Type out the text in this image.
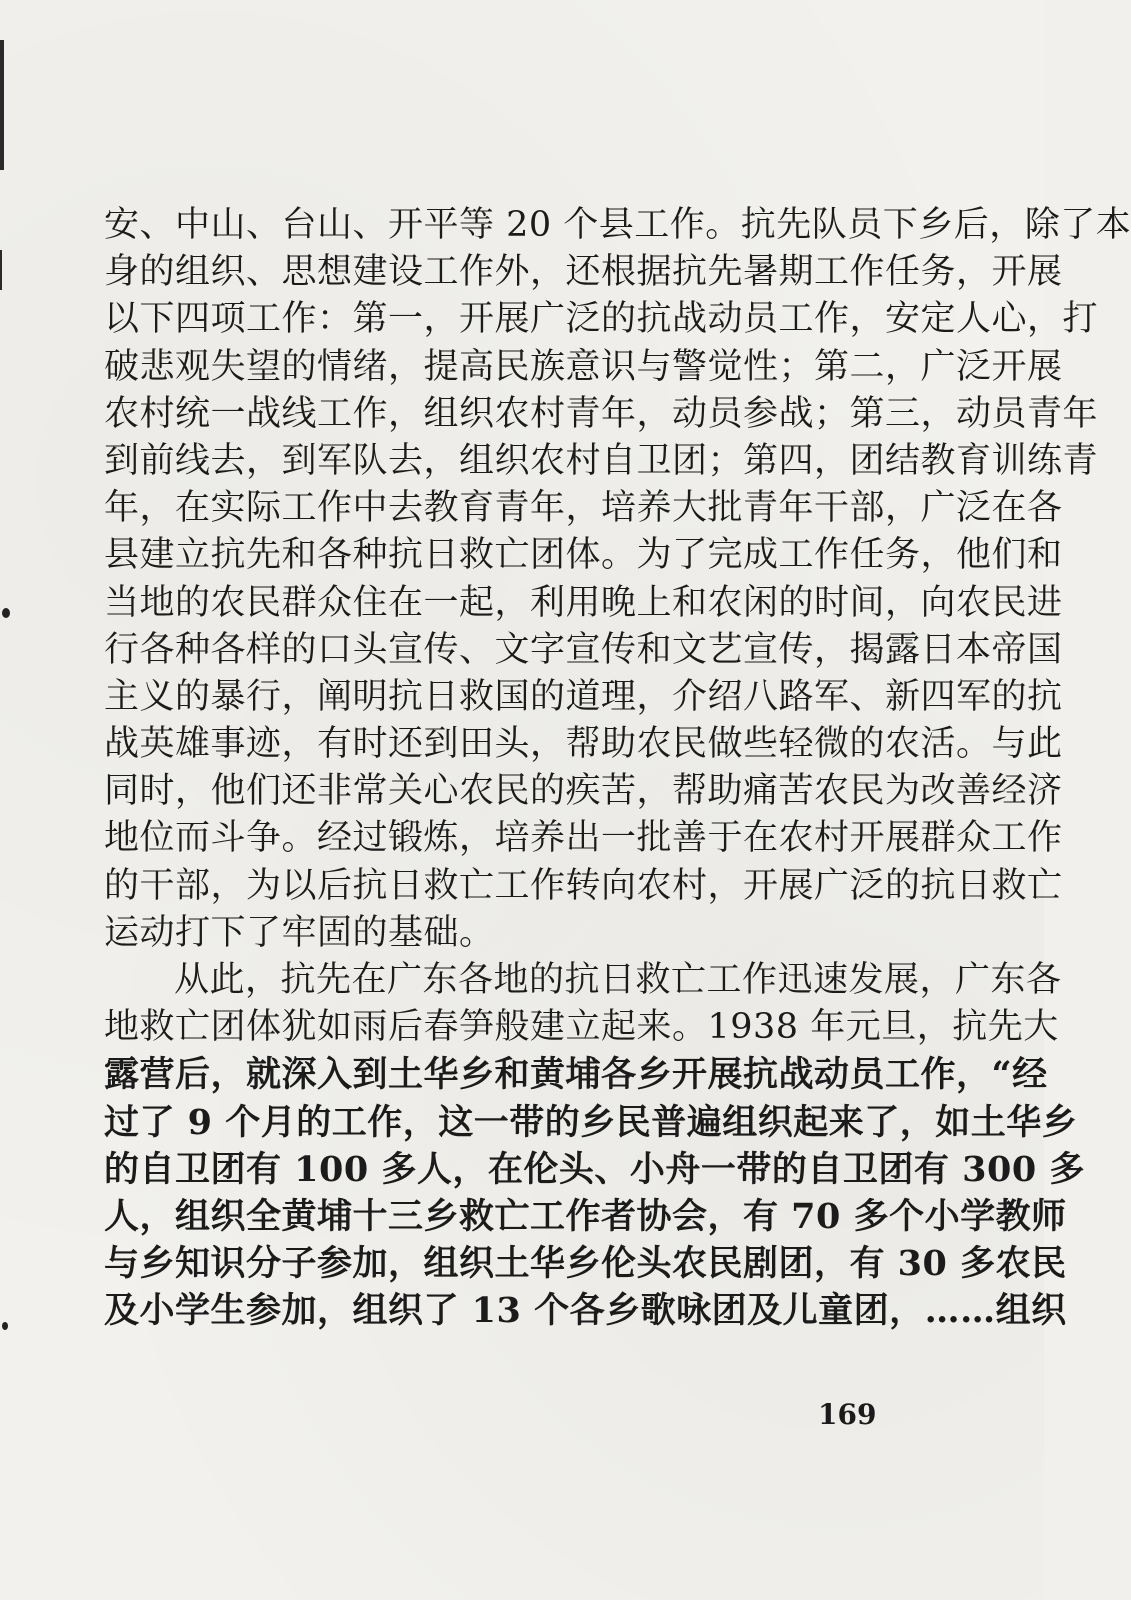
安、中山、台山、开平等 20 个县工作。抗先队员下乡后，除了本
身的组织、思想建设工作外，还根据抗先暑期工作任务，开展
以下四项工作：第一，开展广泛的抗战动员工作，安定人心，打
破悲观失望的情绪，提高民族意识与警觉性；第二，广泛开展
农村统一战线工作，组织农村青年，动员参战；第三，动员青年
到前线去，到军队去，组织农村自卫团；第四，团结教育训练青
年，在实际工作中去教育青年，培养大批青年干部，广泛在各
县建立抗先和各种抗日救亡团体。为了完成工作任务，他们和
当地的农民群众住在一起，利用晚上和农闲的时间，向农民进
行各种各样的口头宣传、文字宣传和文艺宣传，揭露日本帝国
主义的暴行，阐明抗日救国的道理，介绍八路军、新四军的抗
战英雄事迹，有时还到田头，帮助农民做些轻微的农活。与此
同时，他们还非常关心农民的疾苦，帮助痛苦农民为改善经济
地位而斗争。经过锻炼，培养出一批善于在农村开展群众工作
的干部，为以后抗日救亡工作转向农村，开展广泛的抗日救亡
运动打下了牢固的基础。
从此，抗先在广东各地的抗日救亡工作迅速发展，广东各
地救亡团体犹如雨后春笋般建立起来。1938 年元旦，抗先大
露营后，就深入到土华乡和黄埔各乡开展抗战动员工作，“经
过了 9 个月的工作，这一带的乡民普遍组织起来了，如土华乡
的自卫团有 100 多人，在伦头、小舟一带的自卫团有 300 多
人，组织全黄埔十三乡救亡工作者协会，有 70 多个小学教师
与乡知识分子参加，组织土华乡伦头农民剧团，有 30 多农民
及小学生参加，组织了 13 个各乡歌咏团及儿童团，……组织
169
